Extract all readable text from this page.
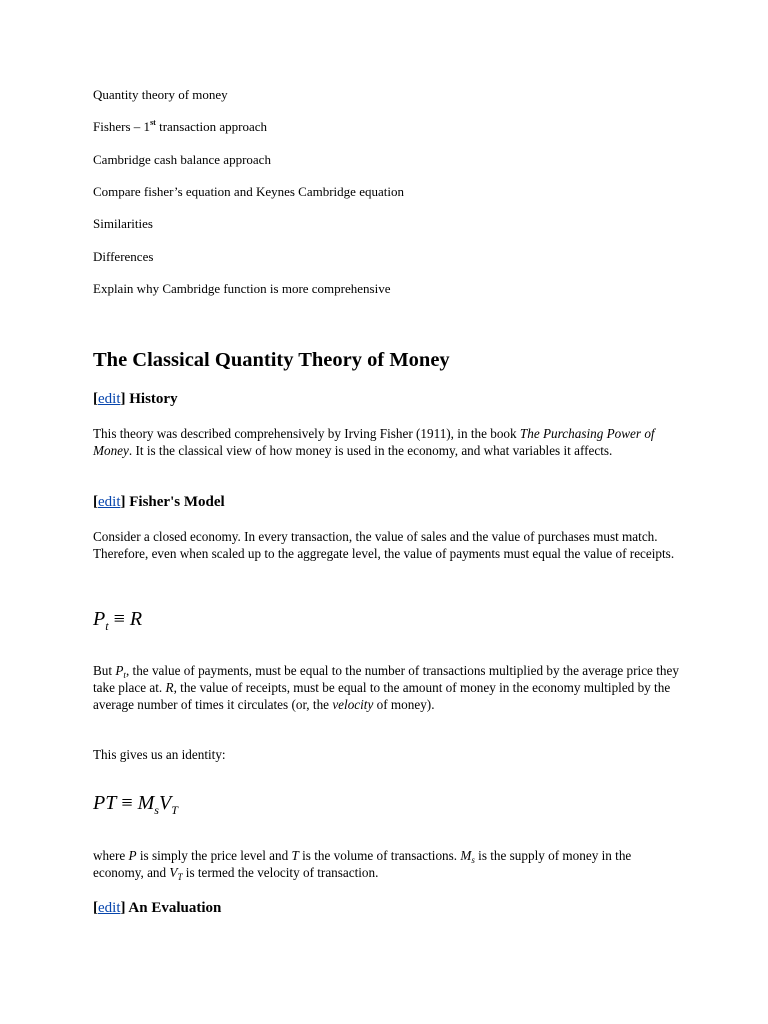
Quantity theory of money
Fishers – 1st transaction approach
Cambridge cash balance approach
Compare fisher’s equation and Keynes Cambridge equation
Similarities
Differences
Explain why Cambridge function is more comprehensive
The Classical Quantity Theory of Money
[edit] History

This theory was described comprehensively by Irving Fisher (1911), in the book The Purchasing Power of Money. It is the classical view of how money is used in the economy, and what variables it affects.

[edit] Fisher's Model

Consider a closed economy. In every transaction, the value of sales and the value of purchases must match. Therefore, even when scaled up to the aggregate level, the value of payments must equal the value of receipts.

$P_t \equiv R$

But $P_t$, the value of payments, must be equal to the number of transactions multiplied by the average price they take place at. R, the value of receipts, must be equal to the amount of money in the economy multipled by the average number of times it circulates (or, the velocity of money).

This gives us an identity:

PT ≡ $M_sV_T$

where P is simply the price level and T is the volume of transactions. $M_s$ is the supply of money in the economy, and $V_T$ is termed the velocity of transaction.

[edit] An Evaluation
